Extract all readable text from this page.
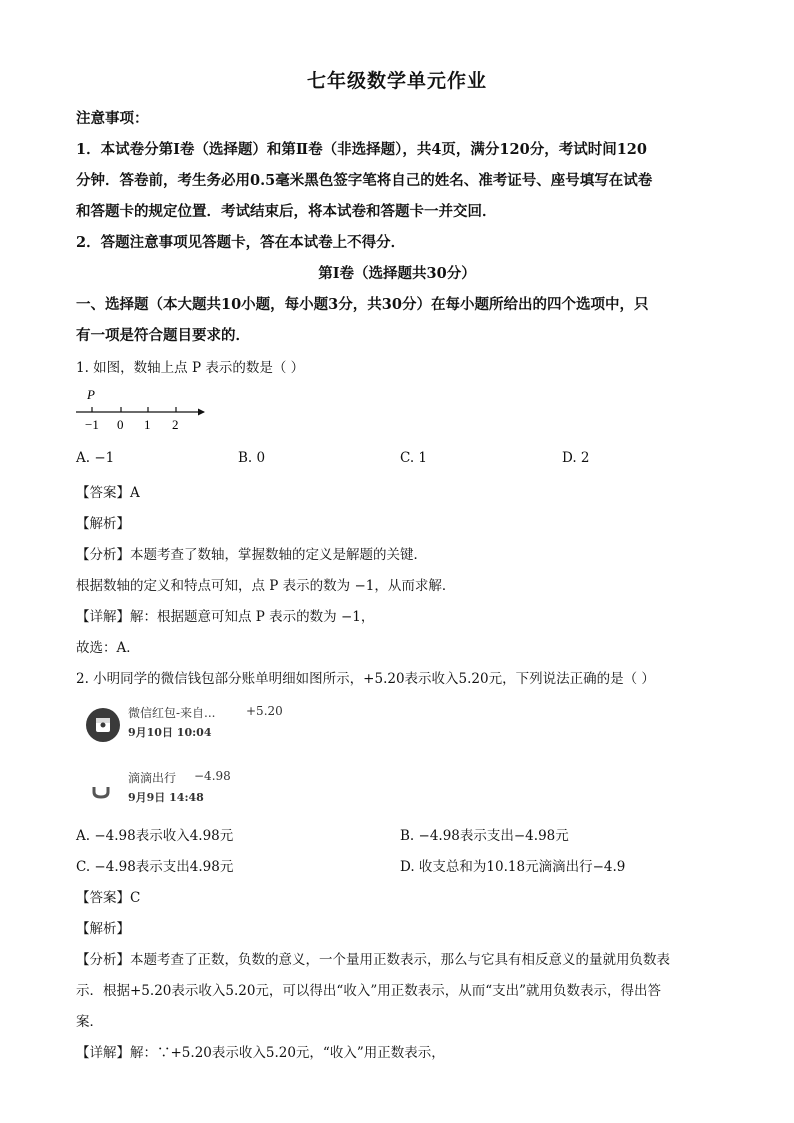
七年级数学单元作业
注意事项：
1．本试卷分第Ⅰ卷（选择题）和第Ⅱ卷（非选择题），共4页，满分120分，考试时间120
分钟．答卷前，考生务必用0.5毫米黑色签字笔将自己的姓名、准考证号、座号填写在试卷
和答题卡的规定位置．考试结束后，将本试卷和答题卡一并交回．
2．答题注意事项见答题卡，答在本试卷上不得分．
第Ⅰ卷（选择题共30分）
一、选择题（本大题共10小题，每小题3分，共30分）在每小题所给出的四个选项中，只
有一项是符合题目要求的．
1. 如图，数轴上点 P 表示的数是（ ）
P
−1 0 1 2
A. −1	B. 0	C. 1	D. 2
【答案】A
【解析】
【分析】本题考查了数轴，掌握数轴的定义是解题的关键．
根据数轴的定义和特点可知，点 P 表示的数为 −1，从而求解．
【详解】解：根据题意可知点 P 表示的数为 −1，
故选：A．
2. 小明同学的微信钱包部分账单明细如图所示，+5.20表示收入5.20元，下列说法正确的是（ ）
微信红包-来自...	+5.20
9月10日 10:04
滴滴出行 −4.98
9月9日 14:48
A. −4.98表示收入4.98元	B. −4.98表示支出−4.98元
C. −4.98表示支出4.98元	D. 收支总和为10.18元滴滴出行−4.9
【答案】C
【解析】
【分析】本题考查了正数，负数的意义，一个量用正数表示，那么与它具有相反意义的量就用负数表
示．根据+5.20表示收入5.20元，可以得出“收入”用正数表示，从而“支出”就用负数表示，得出答
案．
【详解】解：∵+5.20表示收入5.20元，“收入”用正数表示，
